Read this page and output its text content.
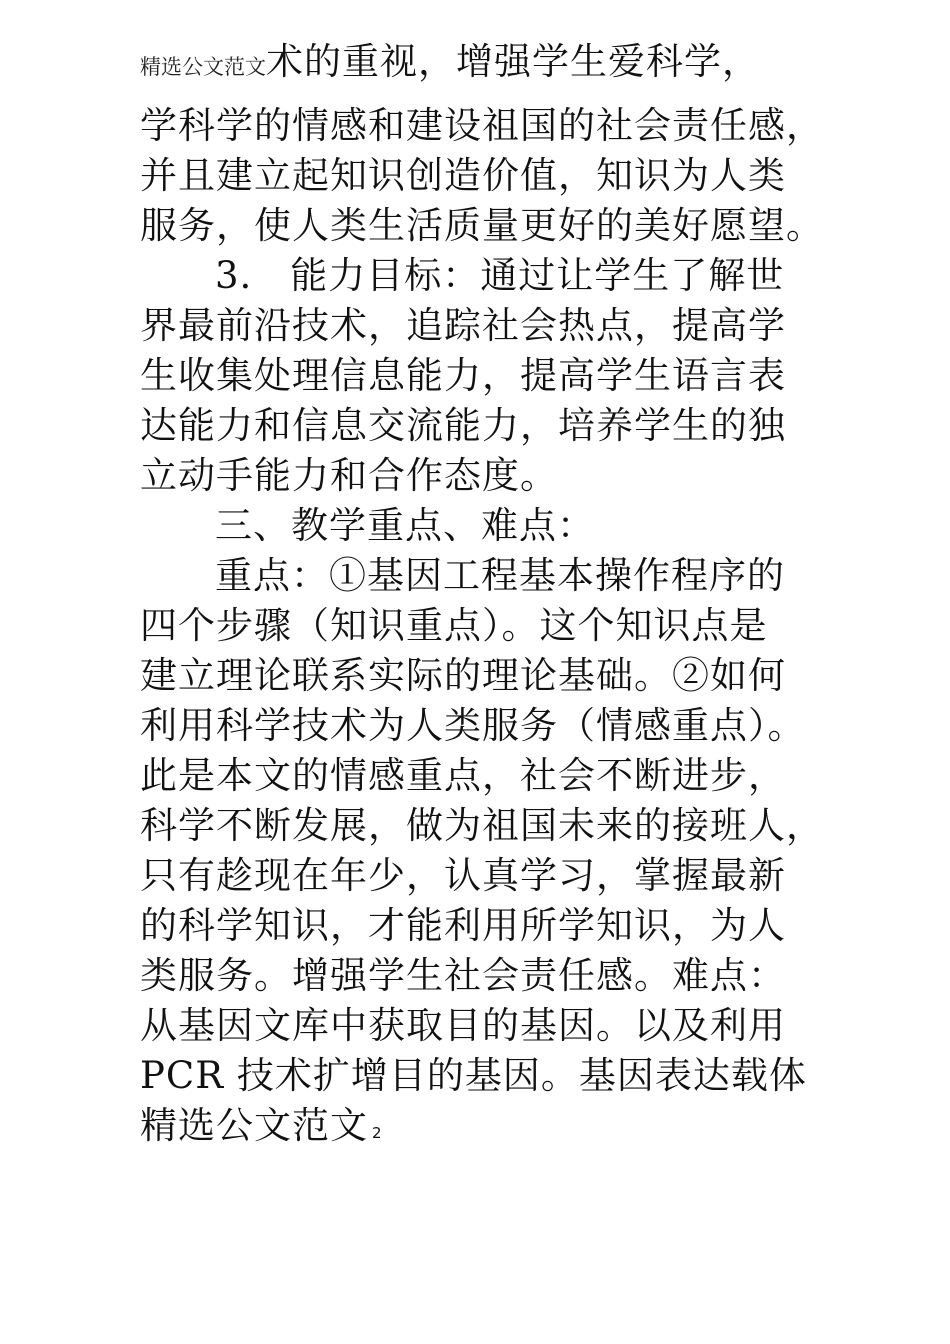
精选公文范文术的重视，增强学生爱科学，

学科学的情感和建设祖国的社会责任感，

并且建立起知识创造价值，知识为人类

服务，使人类生活质量更好的美好愿望。

3.　能力目标：通过让学生了解世

界最前沿技术，追踪社会热点，提高学

生收集处理信息能力，提高学生语言表

达能力和信息交流能力，培养学生的独

立动手能力和合作态度。

三、教学重点、难点：

重点：①基因工程基本操作程序的

四个步骤（知识重点）。这个知识点是

建立理论联系实际的理论基础。②如何

利用科学技术为人类服务（情感重点）。

此是本文的情感重点，社会不断进步，

科学不断发展，做为祖国未来的接班人，

只有趁现在年少，认真学习，掌握最新

的科学知识，才能利用所学知识，为人

类服务。增强学生社会责任感。难点：

从基因文库中获取目的基因。以及利用

PCR 技术扩增目的基因。基因表达载体

精选公文范文 2
